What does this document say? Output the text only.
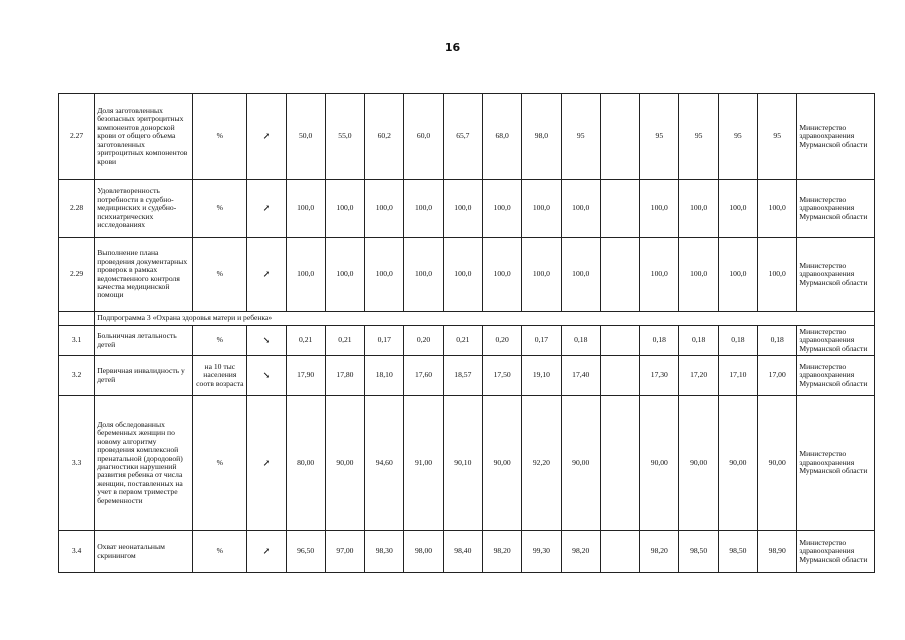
16
2.27	Доля заготовленных безопасных эритроцитных компонентов донорской крови от общего объема заготовленных эритроцитных компонентов крови	%	↗	50,0	55,0	60,2	60,0	65,7	68,0	98,0	95		95	95	95	95	Министерство здравоохранения Мурманской области
2.28	Удовлетворенность потребности в судебно-медицинских и судебно-психиатрических исследованиях	%	↗	100,0	100,0	100,0	100,0	100,0	100,0	100,0	100,0		100,0	100,0	100,0	100,0	Министерство здравоохранения Мурманской области
2.29	Выполнение плана проведения документарных проверок в рамках ведомственного контроля качества медицинской помощи	%	↗	100,0	100,0	100,0	100,0	100,0	100,0	100,0	100,0		100,0	100,0	100,0	100,0	Министерство здравоохранения Мурманской области
	Подпрограмма 3 «Охрана здоровья матери и ребенка»																
3.1	Больничная летальность детей	%	↘	0,21	0,21	0,17	0,20	0,21	0,20	0,17	0,18		0,18	0,18	0,18	0,18	Министерство здравоохранения Мурманской области
3.2	Первичная инвалидность у детей	на 10 тыс населения соотв возраста	↘	17,90	17,80	18,10	17,60	18,57	17,50	19,10	17,40		17,30	17,20	17,10	17,00	Министерство здравоохранения Мурманской области
3.3	Доля обследованных беременных женщин по новому алгоритму проведения комплексной пренатальной (дородовой) диагностики нарушений развития ребенка от числа женщин, поставленных на учет в первом триместре беременности	%	↗	80,00	90,00	94,60	91,00	90,10	90,00	92,20	90,00		90,00	90,00	90,00	90,00	Министерство здравоохранения Мурманской области
3.4	Охват неонатальным скринингом	%	↗	96,50	97,00	98,30	98,00	98,40	98,20	99,30	98,20		98,20	98,50	98,50	98,90	Министерство здравоохранения Мурманской области
